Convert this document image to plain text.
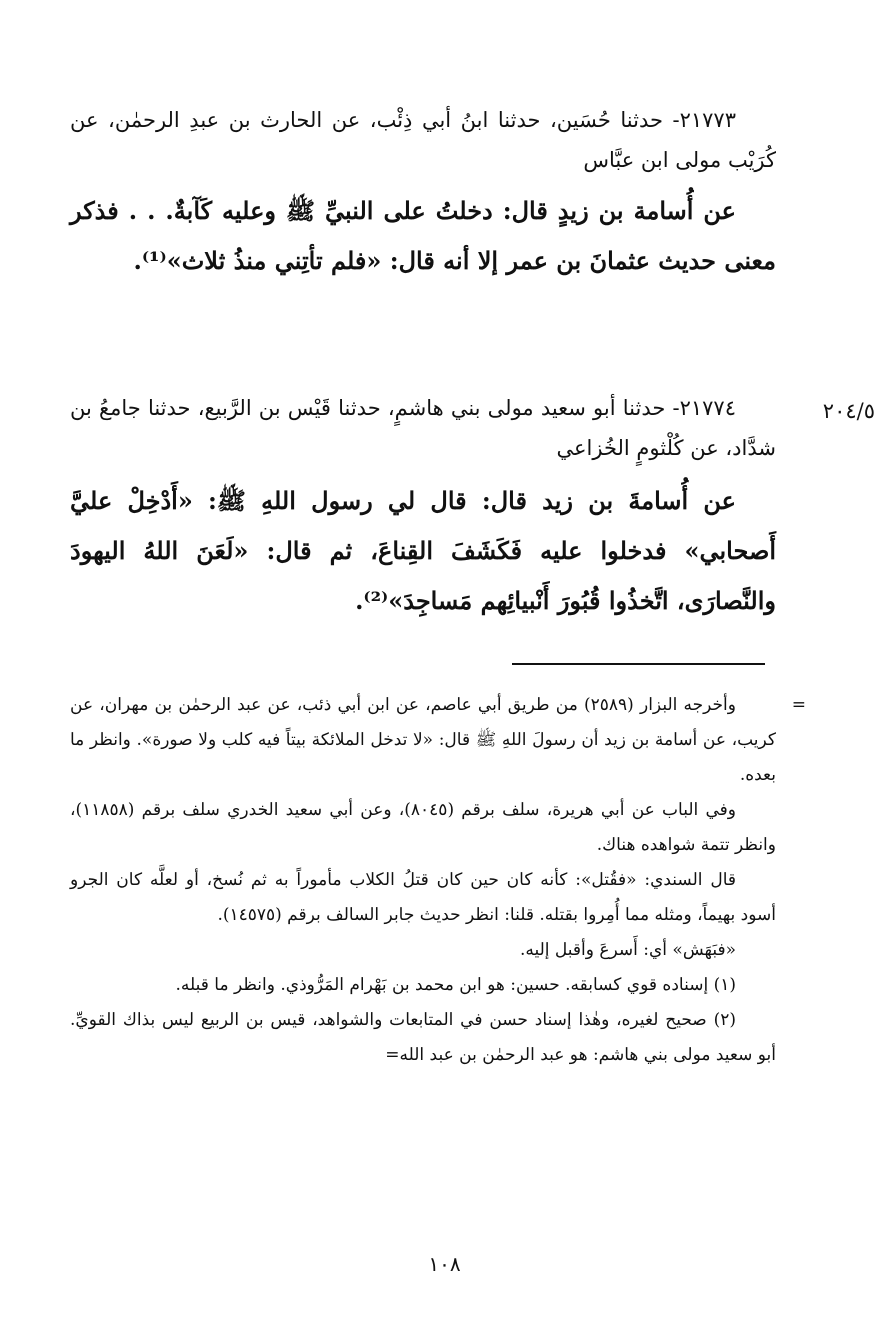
٢٠٤/٥

٢١٧٧٣- حدثنا حُسَين، حدثنا ابنُ أبي ذِئْب، عن الحارث بن عبدِ الرحمٰن، عن كُرَيْب مولى ابن عبَّاس

عن أُسامة بن زيدٍ قال: دخلتُ على النبيِّ ﷺ وعليه كَآبةٌ. . . فذكر معنى حديث عثمانَ بن عمر إلا أنه قال: «فلم تأتِني منذُ ثلاث»⁽¹⁾.

٢١٧٧٤- حدثنا أبو سعيد مولى بني هاشمٍ، حدثنا قَيْس بن الرَّبيع، حدثنا جامعُ بن شدَّاد، عن كُلْثومٍ الخُزاعي

عن أُسامةَ بن زيد قال: قال لي رسول اللهِ ﷺ: «أَدْخِلْ عليَّ أَصحابي» فدخلوا عليه فَكَشَفَ القِناعَ، ثم قال: «لَعَنَ اللهُ اليهودَ والنَّصارَى، اتَّخذُوا قُبُورَ أَنْبيائِهم مَساجِدَ»⁽²⁾.

=

وأخرجه البزار (٢٥٨٩) من طريق أبي عاصم، عن ابن أبي ذئب، عن عبد الرحمٰن بن مهران، عن كريب، عن أسامة بن زيد أن رسولَ اللهِ ﷺ قال: «لا تدخل الملائكة بيتاً فيه كلب ولا صورة». وانظر ما بعده.

وفي الباب عن أبي هريرة، سلف برقم (٨٠٤٥)، وعن أبي سعيد الخدري سلف برقم (١١٨٥٨)، وانظر تتمة شواهده هناك.

قال السندي: «فقُتل»: كأنه كان حين كان قتلُ الكلاب مأموراً به ثم نُسخ، أو لعلَّه كان الجرو أسود بهيماً، ومثله مما أُمِروا بقتله. قلنا: انظر حديث جابر السالف برقم (١٤٥٧٥).

«فبَهَش» أي: أَسرعَ وأقبل إليه.

(١) إسناده قوي كسابقه. حسين: هو ابن محمد بن بَهْرام المَرُّوذي. وانظر ما قبله.

(٢) صحيح لغيره، وهٰذا إسناد حسن في المتابعات والشواهد، قيس بن الربيع ليس بذاك القويِّ. أبو سعيد مولى بني هاشم: هو عبد الرحمٰن بن عبد الله=

١٠٨
